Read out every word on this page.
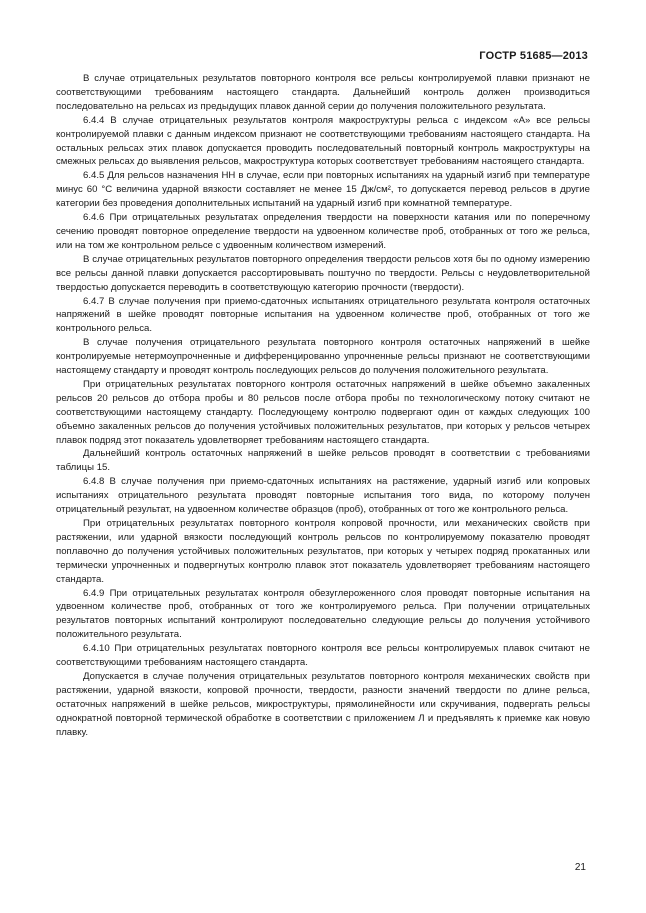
ГОСТР 51685—2013

В случае отрицательных результатов повторного контроля все рельсы контролируемой плавки признают не соответствующими требованиям настоящего стандарта. Дальнейший контроль должен производиться последовательно на рельсах из предыдущих плавок данной серии до получения положительного результата.

6.4.4 В случае отрицательных результатов контроля макроструктуры рельса с индексом «А» все рельсы контролируемой плавки с данным индексом признают не соответствующими требованиям настоящего стандарта. На остальных рельсах этих плавок допускается проводить последовательный повторный контроль макроструктуры на смежных рельсах до выявления рельсов, макроструктура которых соответствует требованиям настоящего стандарта.

6.4.5 Для рельсов назначения НН в случае, если при повторных испытаниях на ударный изгиб при температуре минус 60 °С величина ударной вязкости составляет не менее 15 Дж/см², то допускается перевод рельсов в другие категории без проведения дополнительных испытаний на ударный изгиб при комнатной температуре.

6.4.6 При отрицательных результатах определения твердости на поверхности катания или по поперечному сечению проводят повторное определение твердости на удвоенном количестве проб, отобранных от того же рельса, или на том же контрольном рельсе с удвоенным количеством измерений.

В случае отрицательных результатов повторного определения твердости рельсов хотя бы по одному измерению все рельсы данной плавки допускается рассортировывать поштучно по твердости. Рельсы с неудовлетворительной твердостью допускается переводить в соответствующую категорию прочности (твердости).

6.4.7 В случае получения при приемо-сдаточных испытаниях отрицательного результата контроля остаточных напряжений в шейке проводят повторные испытания на удвоенном количестве проб, отобранных от того же контрольного рельса.

В случае получения отрицательного результата повторного контроля остаточных напряжений в шейке контролируемые нетермоупрочненные и дифференцированно упрочненные рельсы признают не соответствующими настоящему стандарту и проводят контроль последующих рельсов до получения положительного результата.

При отрицательных результатах повторного контроля остаточных напряжений в шейке объемно закаленных рельсов 20 рельсов до отбора пробы и 80 рельсов после отбора пробы по технологическому потоку считают не соответствующими настоящему стандарту. Последующему контролю подвергают один от каждых следующих 100 объемно закаленных рельсов до получения устойчивых положительных результатов, при которых у рельсов четырех плавок подряд этот показатель удовлетворяет требованиям настоящего стандарта.

Дальнейший контроль остаточных напряжений в шейке рельсов проводят в соответствии с требованиями таблицы 15.

6.4.8 В случае получения при приемо-сдаточных испытаниях на растяжение, ударный изгиб или копровых испытаниях отрицательного результата проводят повторные испытания того вида, по которому получен отрицательный результат, на удвоенном количестве образцов (проб), отобранных от того же контрольного рельса.

При отрицательных результатах повторного контроля копровой прочности, или механических свойств при растяжении, или ударной вязкости последующий контроль рельсов по контролируемому показателю проводят поплавочно до получения устойчивых положительных результатов, при которых у четырех подряд прокатанных или термически упрочненных и подвергнутых контролю плавок этот показатель удовлетворяет требованиям настоящего стандарта.

6.4.9 При отрицательных результатах контроля обезуглероженного слоя проводят повторные испытания на удвоенном количестве проб, отобранных от того же контролируемого рельса. При получении отрицательных результатов повторных испытаний контролируют последовательно следующие рельсы до получения устойчивого положительного результата.

6.4.10 При отрицательных результатах повторного контроля все рельсы контролируемых плавок считают не соответствующими требованиям настоящего стандарта.

Допускается в случае получения отрицательных результатов повторного контроля механических свойств при растяжении, ударной вязкости, копровой прочности, твердости, разности значений твердости по длине рельса, остаточных напряжений в шейке рельсов, микроструктуры, прямолинейности или скручивания, подвергать рельсы однократной повторной термической обработке в соответствии с приложением Л и предъявлять к приемке как новую плавку.

21
